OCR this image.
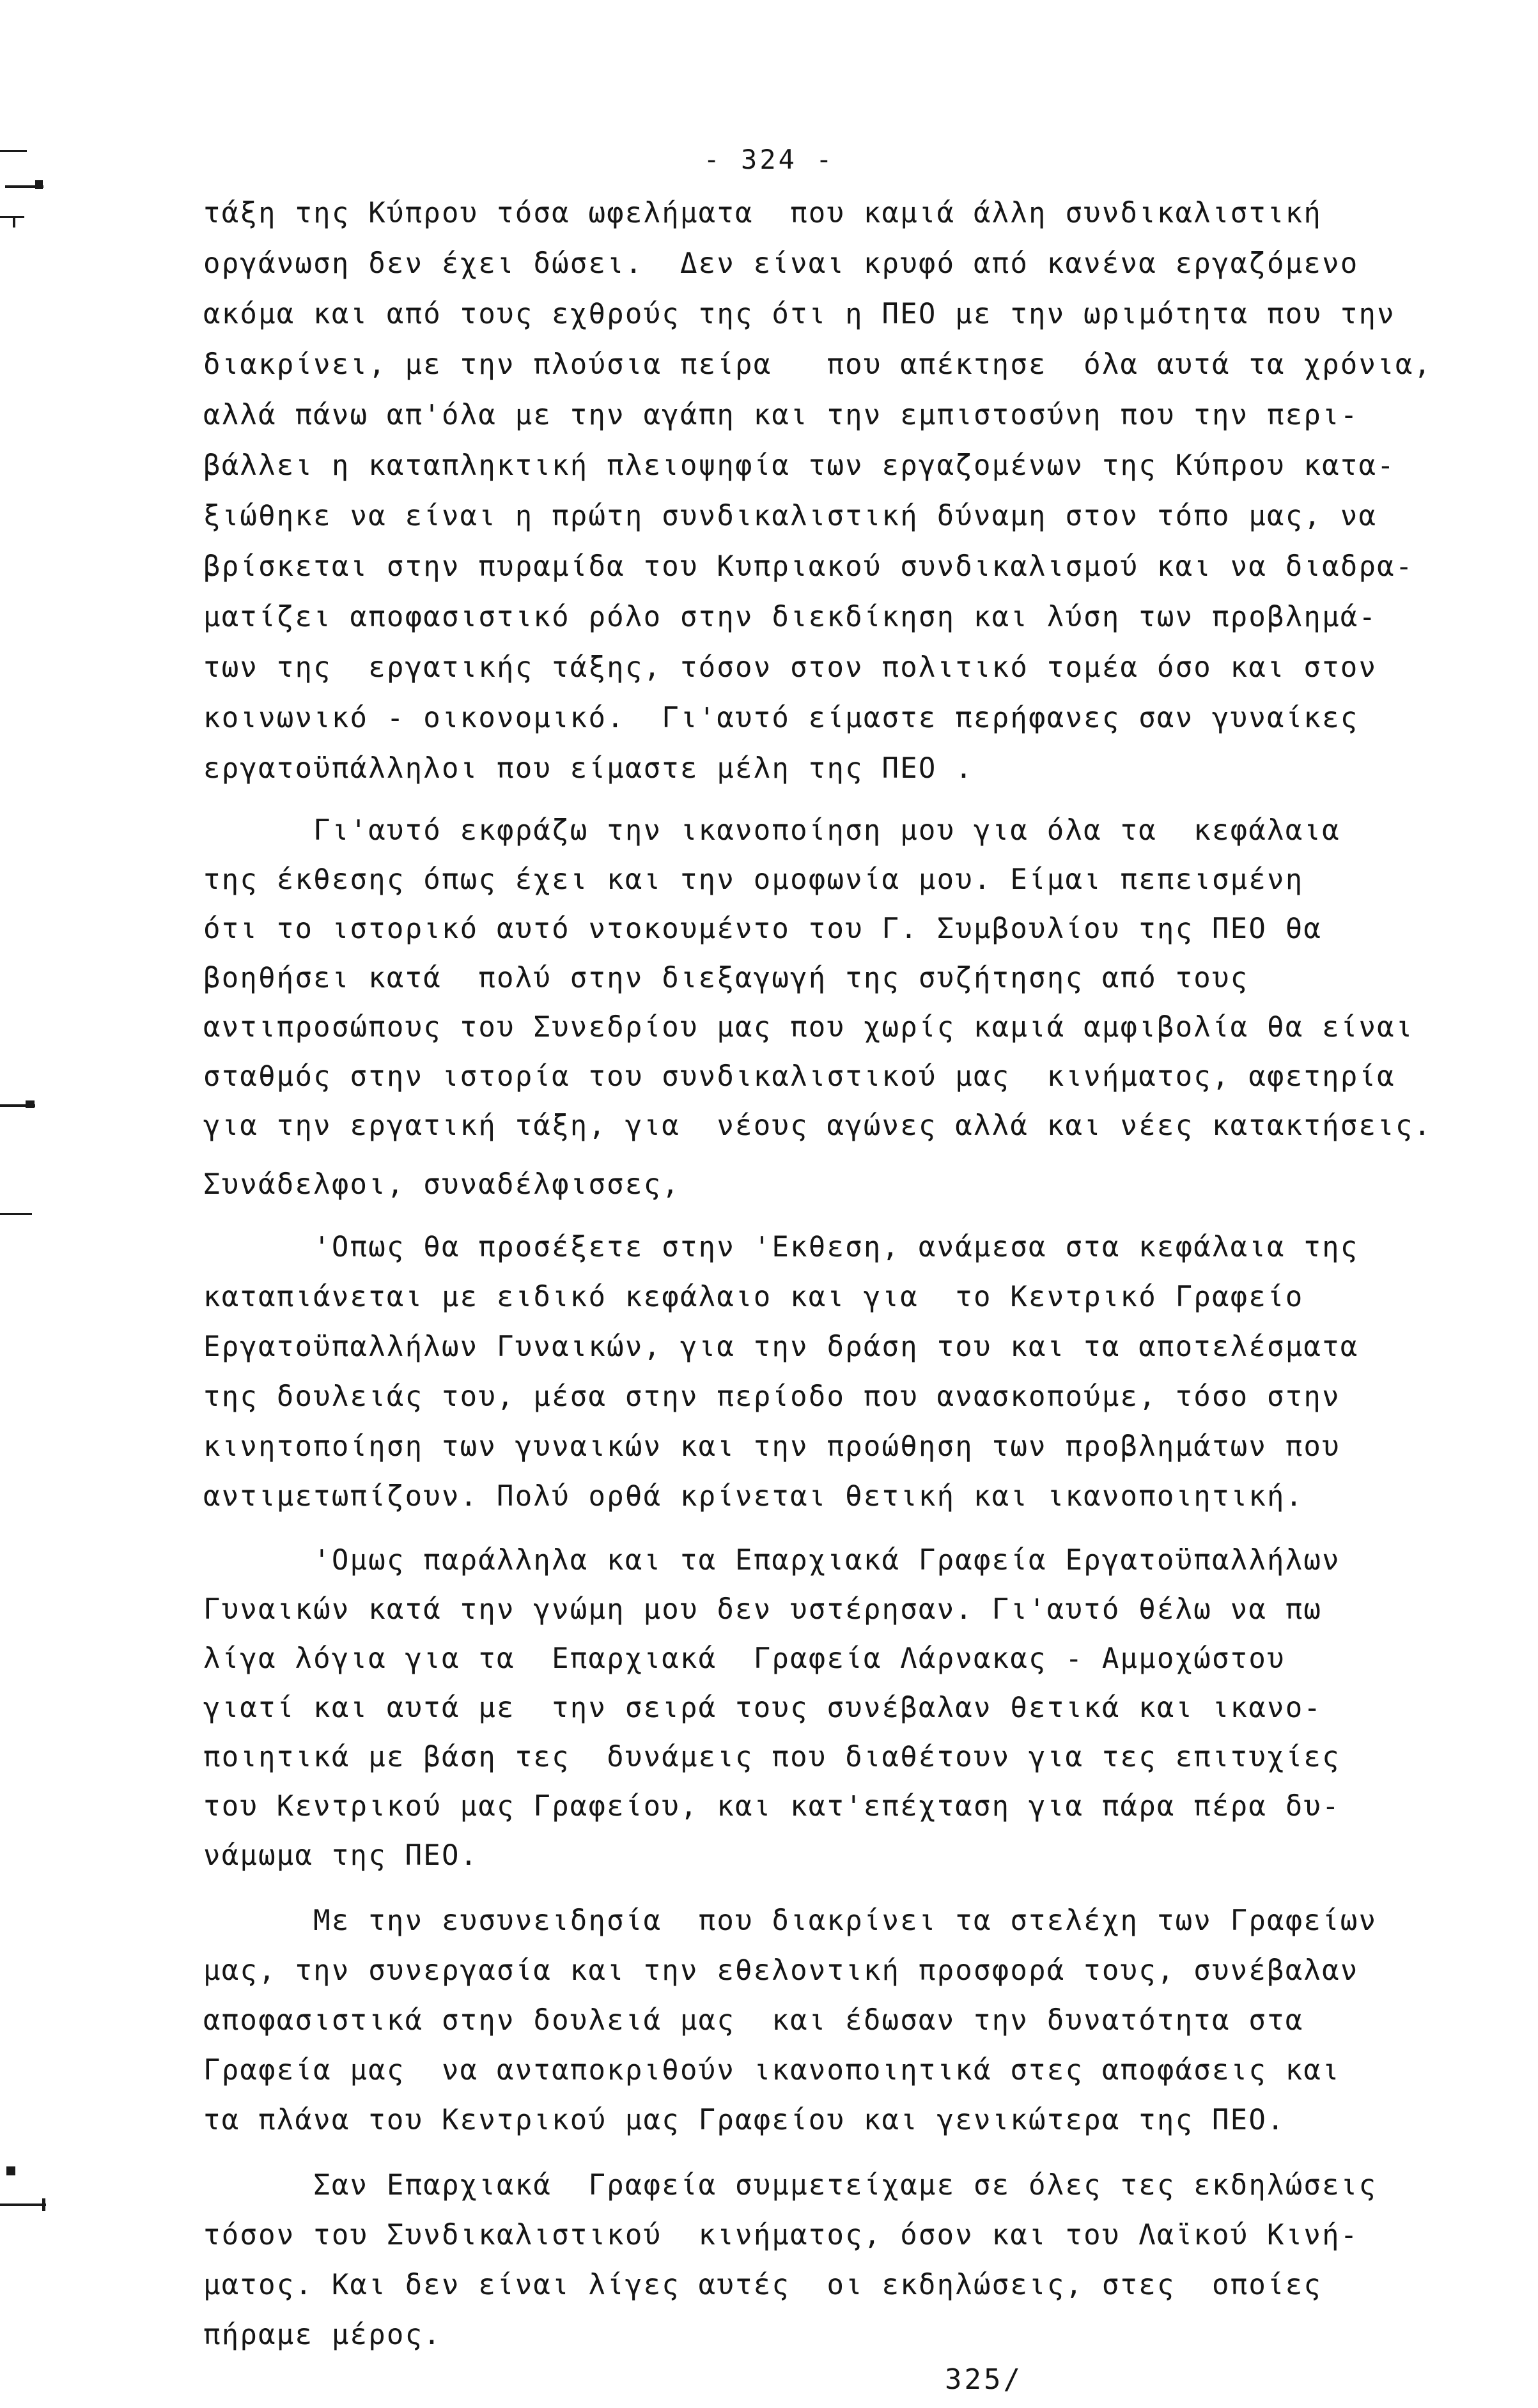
- 324 -

τάξη της Κύπρου τόσα ωφελήματα  που καμιά άλλη συνδικαλιστική

οργάνωση δεν έχει δώσει.  Δεν είναι κρυφό από κανένα εργαζόμενο

ακόμα και από τους εχθρούς της ότι η ΠΕΟ με την ωριμότητα που την

διακρίνει, με την πλούσια πείρα   που απέκτησε  όλα αυτά τα χρόνια,

αλλά πάνω απ'όλα με την αγάπη και την εμπιστοσύνη που την περι-

βάλλει η καταπληκτική πλειοψηφία των εργαζομένων της Κύπρου κατα-

ξιώθηκε να είναι η πρώτη συνδικαλιστική δύναμη στον τόπο μας, να

βρίσκεται στην πυραμίδα του Κυπριακού συνδικαλισμού και να διαδρα-

ματίζει αποφασιστικό ρόλο στην διεκδίκηση και λύση των προβλημά-

των της  εργατικής τάξης, τόσον στον πολιτικό τομέα όσο και στον

κοινωνικό - οικονομικό.  Γι'αυτό είμαστε περήφανες σαν γυναίκες

εργατοϋπάλληλοι που είμαστε μέλη της ΠΕΟ .

Γι'αυτό εκφράζω την ικανοποίηση μου για όλα τα  κεφάλαια

της έκθεσης όπως έχει και την ομοφωνία μου. Είμαι πεπεισμένη

ότι το ιστορικό αυτό ντοκουμέντο του Γ. Συμβουλίου της ΠΕΟ θα

βοηθήσει κατά  πολύ στην διεξαγωγή της συζήτησης από τους

αντιπροσώπους του Συνεδρίου μας που χωρίς καμιά αμφιβολία θα είναι

σταθμός στην ιστορία του συνδικαλιστικού μας  κινήματος, αφετηρία

για την εργατική τάξη, για  νέους αγώνες αλλά και νέες κατακτήσεις.

Συνάδελφοι, συναδέλφισσες,

'Οπως θα προσέξετε στην 'Εκθεση, ανάμεσα στα κεφάλαια της

καταπιάνεται με ειδικό κεφάλαιο και για  το Κεντρικό Γραφείο

Εργατοϋπαλλήλων Γυναικών, για την δράση του και τα αποτελέσματα

της δουλειάς του, μέσα στην περίοδο που ανασκοπούμε, τόσο στην

κινητοποίηση των γυναικών και την προώθηση των προβλημάτων που

αντιμετωπίζουν. Πολύ ορθά κρίνεται θετική και ικανοποιητική.

'Ομως παράλληλα και τα Επαρχιακά Γραφεία Εργατοϋπαλλήλων

Γυναικών κατά την γνώμη μου δεν υστέρησαν. Γι'αυτό θέλω να πω

λίγα λόγια για τα  Επαρχιακά  Γραφεία Λάρνακας - Αμμοχώστου

γιατί και αυτά με  την σειρά τους συνέβαλαν θετικά και ικανο-

ποιητικά με βάση τες  δυνάμεις που διαθέτουν για τες επιτυχίες

του Κεντρικού μας Γραφείου, και κατ'επέχταση για πάρα πέρα δυ-

νάμωμα της ΠΕΟ.

Με την ευσυνειδησία  που διακρίνει τα στελέχη των Γραφείων

μας, την συνεργασία και την εθελοντική προσφορά τους, συνέβαλαν

αποφασιστικά στην δουλειά μας  και έδωσαν την δυνατότητα στα

Γραφεία μας  να ανταποκριθούν ικανοποιητικά στες αποφάσεις και

τα πλάνα του Κεντρικού μας Γραφείου και γενικώτερα της ΠΕΟ.

Σαν Επαρχιακά  Γραφεία συμμετείχαμε σε όλες τες εκδηλώσεις

τόσον του Συνδικαλιστικού  κινήματος, όσον και του Λαϊκού Κινή-

ματος. Και δεν είναι λίγες αυτές  οι εκδηλώσεις, στες  οποίες

πήραμε μέρος.

325/
